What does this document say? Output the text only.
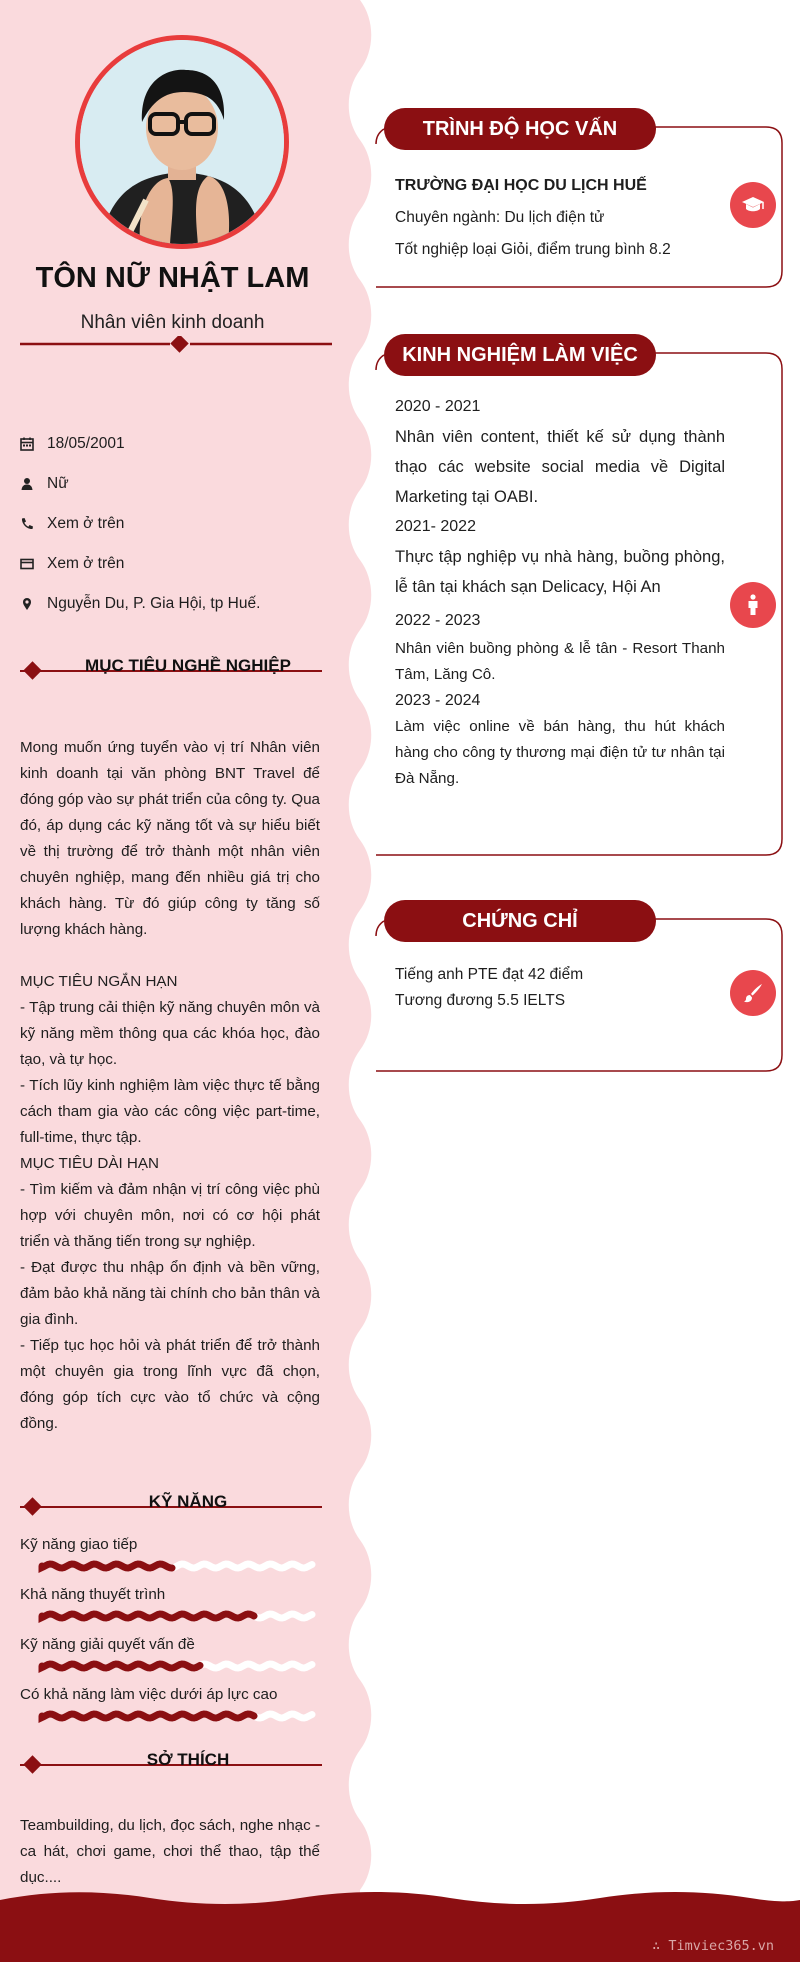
TÔN NỮ NHẬT LAM
Nhân viên kinh doanh
18/05/2001
Nữ
Xem ở trên
Xem ở trên
Nguyễn Du, P. Gia Hội, tp Huế.
MỤC TIÊU NGHỀ NGHIỆP

Mong muốn ứng tuyển vào vị trí Nhân viên kinh doanh tại văn phòng BNT Travel để đóng góp vào sự phát triển của công ty. Qua đó, áp dụng các kỹ năng tốt và sự hiểu biết về thị trường để trở thành một nhân viên chuyên nghiệp, mang đến nhiều giá trị cho khách hàng. Từ đó giúp công ty tăng số lượng khách hàng.

MỤC TIÊU NGẮN HẠN

- Tập trung cải thiện kỹ năng chuyên môn và kỹ năng mềm thông qua các khóa học, đào tạo, và tự học.

- Tích lũy kinh nghiệm làm việc thực tế bằng cách tham gia vào các công việc part-time, full-time, thực tập.

MỤC TIÊU DÀI HẠN

- Tìm kiếm và đảm nhận vị trí công việc phù hợp với chuyên môn, nơi có cơ hội phát triển và thăng tiến trong sự nghiệp.

- Đạt được thu nhập ổn định và bền vững, đảm bảo khả năng tài chính cho bản thân và gia đình.

- Tiếp tục học hỏi và phát triển để trở thành một chuyên gia trong lĩnh vực đã chọn, đóng góp tích cực vào tổ chức và cộng đồng.

KỸ NĂNG
Kỹ năng giao tiếp
Khả năng thuyết trình
Kỹ năng giải quyết vấn đề
Có khả năng làm việc dưới áp lực cao
SỞ THÍCH
Teambuilding, du lịch, đọc sách, nghe nhạc - ca hát, chơi game, chơi thể thao, tập thể dục....
TRÌNH ĐỘ HỌC VẤN
TRƯỜNG ĐẠI HỌC DU LỊCH HUẾ
Chuyên ngành: Du lịch điện tử
Tốt nghiệp loại Giỏi, điểm trung bình 8.2
KINH NGHIỆM LÀM VIỆC
2020 - 2021
Nhân viên content, thiết kế sử dụng thành thạo các website social media về Digital Marketing tại OABI.
2021- 2022
Thực tập nghiệp vụ nhà hàng, buồng phòng, lễ tân tại khách sạn Delicacy, Hội An
2022 - 2023
Nhân viên buồng phòng & lễ tân - Resort Thanh Tâm, Lăng Cô.
2023 - 2024
Làm việc online về bán hàng, thu hút khách hàng cho công ty thương mại điện tử tư nhân tại Đà Nẵng.
CHỨNG CHỈ
Tiếng anh PTE đạt 42 điểm
Tương đương 5.5 IELTS
∴ Timviec365.vn
